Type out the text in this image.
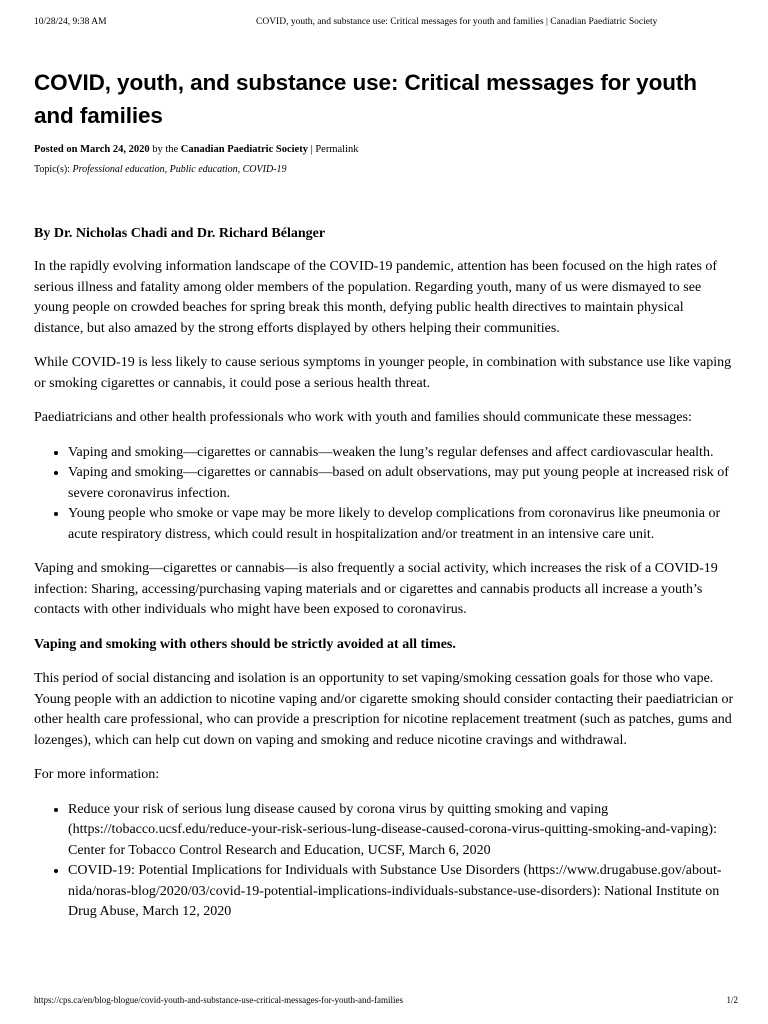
10/28/24, 9:38 AM	COVID, youth, and substance use: Critical messages for youth and families | Canadian Paediatric Society
COVID, youth, and substance use: Critical messages for youth and families
Posted on March 24, 2020 by the Canadian Paediatric Society | Permalink
Topic(s): Professional education, Public education, COVID-19
By Dr. Nicholas Chadi and Dr. Richard Bélanger

In the rapidly evolving information landscape of the COVID-19 pandemic, attention has been focused on the high rates of serious illness and fatality among older members of the population. Regarding youth, many of us were dismayed to see young people on crowded beaches for spring break this month, defying public health directives to maintain physical distance, but also amazed by the strong efforts displayed by others helping their communities.

While COVID-19 is less likely to cause serious symptoms in younger people, in combination with substance use like vaping or smoking cigarettes or cannabis, it could pose a serious health threat.

Paediatricians and other health professionals who work with youth and families should communicate these messages:

• Vaping and smoking—cigarettes or cannabis—weaken the lung’s regular defenses and affect cardiovascular health.
• Vaping and smoking—cigarettes or cannabis—based on adult observations, may put young people at increased risk of severe coronavirus infection.
• Young people who smoke or vape may be more likely to develop complications from coronavirus like pneumonia or acute respiratory distress, which could result in hospitalization and/or treatment in an intensive care unit.

Vaping and smoking—cigarettes or cannabis—is also frequently a social activity, which increases the risk of a COVID-19 infection: Sharing, accessing/purchasing vaping materials and or cigarettes and cannabis products all increase a youth’s contacts with other individuals who might have been exposed to coronavirus.

Vaping and smoking with others should be strictly avoided at all times.

This period of social distancing and isolation is an opportunity to set vaping/smoking cessation goals for those who vape. Young people with an addiction to nicotine vaping and/or cigarette smoking should consider contacting their paediatrician or other health care professional, who can provide a prescription for nicotine replacement treatment (such as patches, gums and lozenges), which can help cut down on vaping and smoking and reduce nicotine cravings and withdrawal.

For more information:

• Reduce your risk of serious lung disease caused by corona virus by quitting smoking and vaping (https://tobacco.ucsf.edu/reduce-your-risk-serious-lung-disease-caused-corona-virus-quitting-smoking-and-vaping): Center for Tobacco Control Research and Education, UCSF, March 6, 2020
• COVID-19: Potential Implications for Individuals with Substance Use Disorders (https://www.drugabuse.gov/about-nida/noras-blog/2020/03/covid-19-potential-implications-individuals-substance-use-disorders): National Institute on Drug Abuse, March 12, 2020
https://cps.ca/en/blog-blogue/covid-youth-and-substance-use-critical-messages-for-youth-and-families	1/2
